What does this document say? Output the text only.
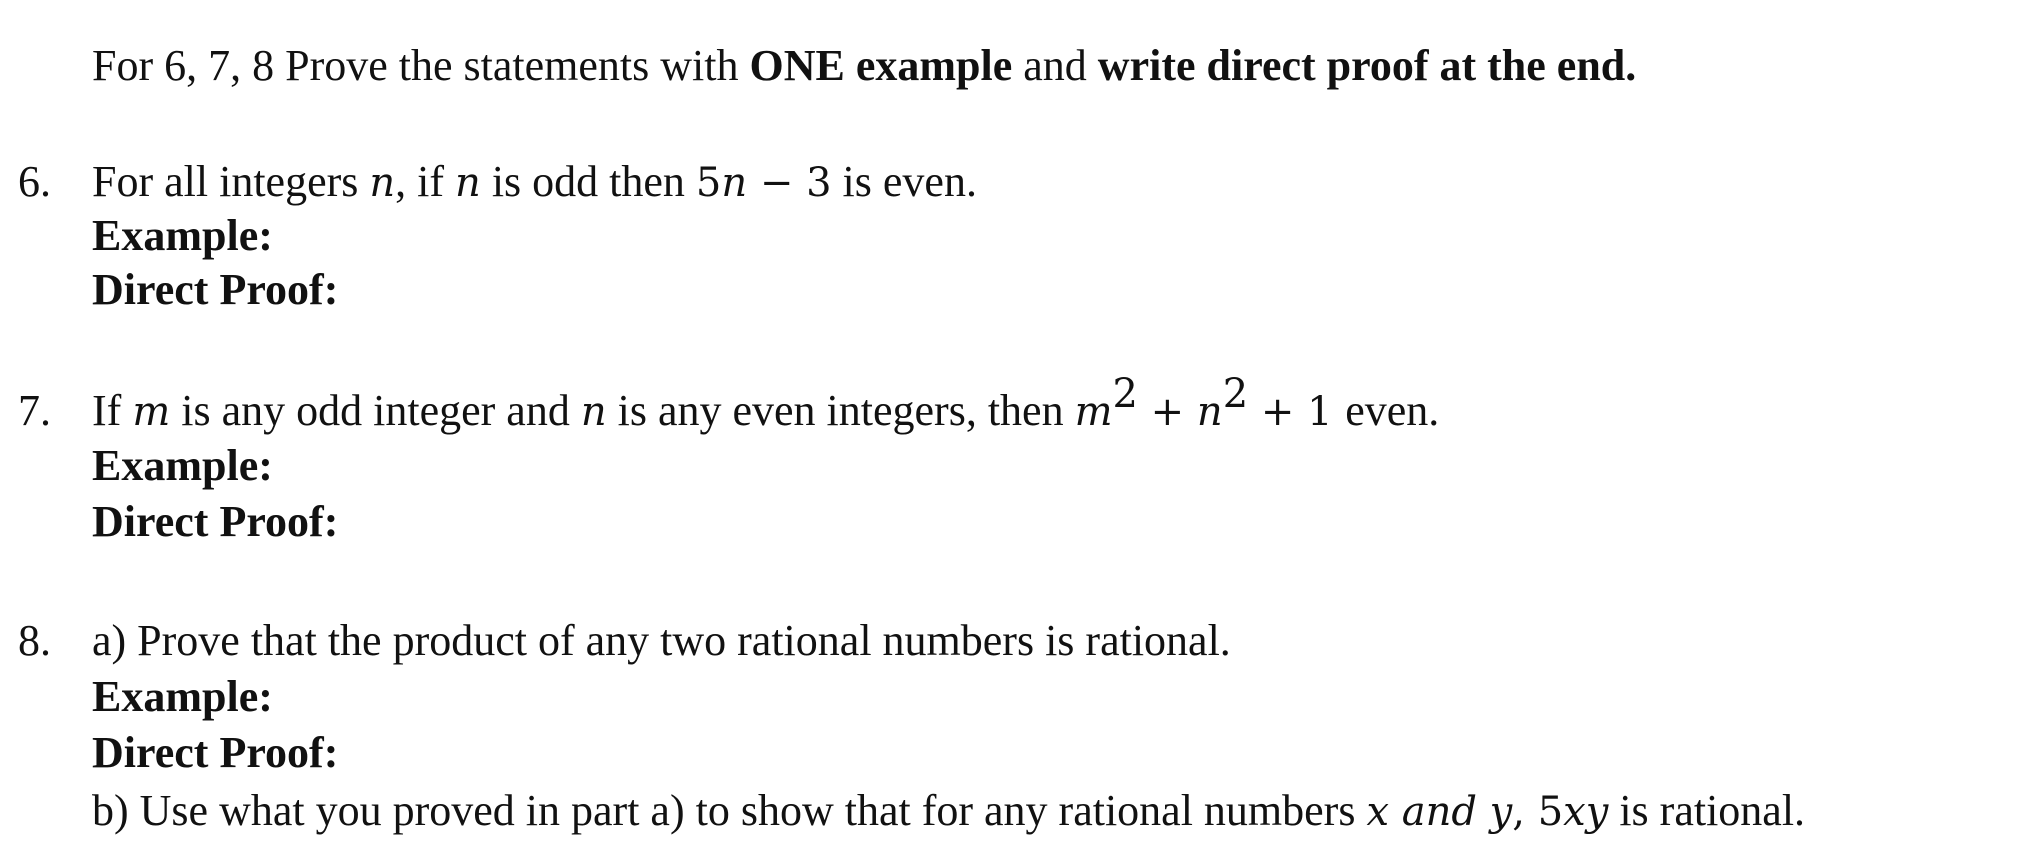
For 6, 7, 8 Prove the statements with ONE example and write direct proof at the end.
6. For all integers n, if n is odd then 5n − 3 is even.
Example:
Direct Proof:
7. If m is any odd integer and n is any even integers, then $m^2 + n^2 + 1$ even.
Example:
Direct Proof:
8. a) Prove that the product of any two rational numbers is rational.
Example:
Direct Proof:
b) Use what you proved in part a) to show that for any rational numbers x and y, 5xy is rational.
